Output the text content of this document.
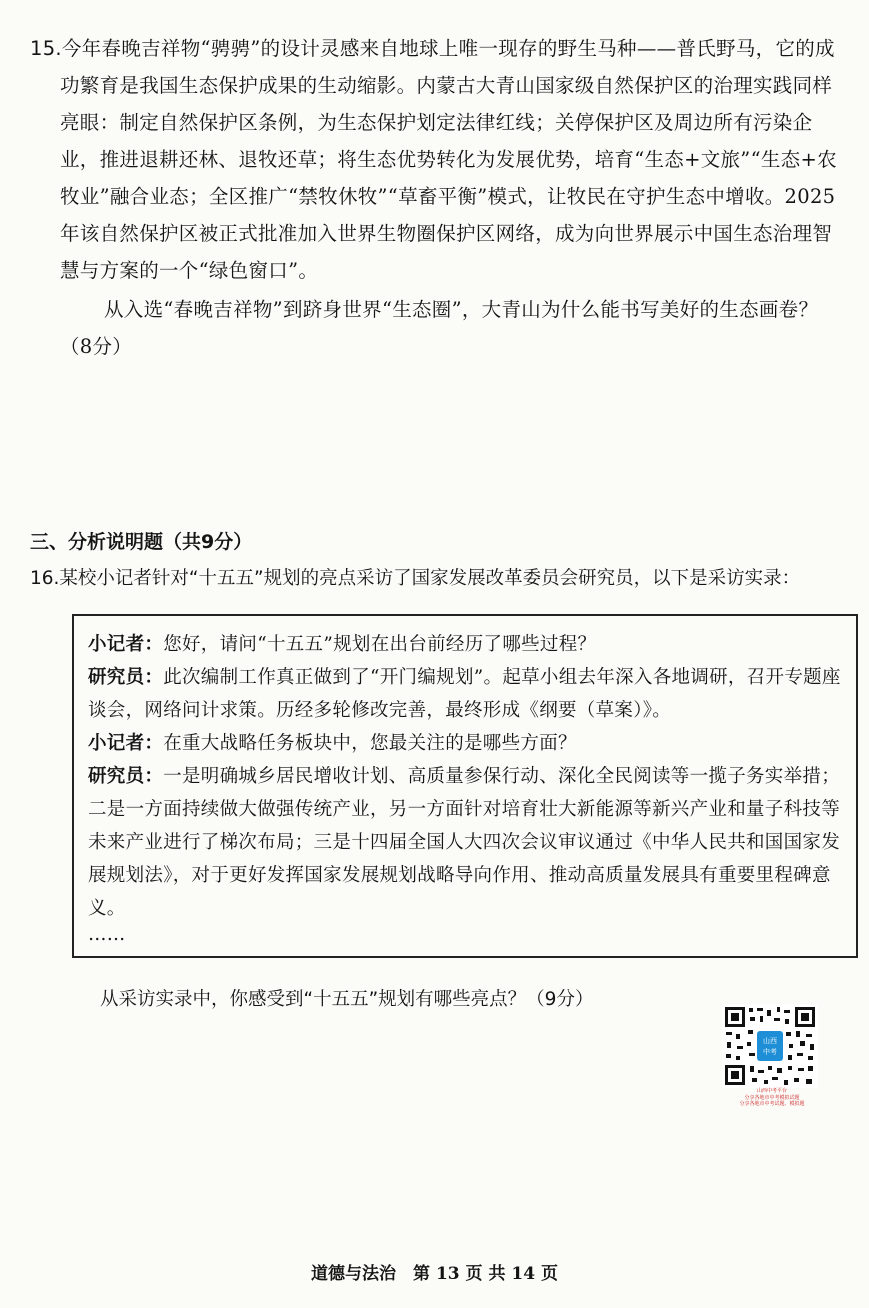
15.今年春晚吉祥物“骋骋”的设计灵感来自地球上唯一现存的野生马种——普氏野马，它的成功繁育是我国生态保护成果的生动缩影。内蒙古大青山国家级自然保护区的治理实践同样亮眼：制定自然保护区条例，为生态保护划定法律红线；关停保护区及周边所有污染企业，推进退耕还林、退牧还草；将生态优势转化为发展优势，培育“生态+文旅”“生态+农牧业”融合业态；全区推广“禁牧休牧”“草畜平衡”模式，让牧民在守护生态中增收。2025年该自然保护区被正式批准加入世界生物圈保护区网络，成为向世界展示中国生态治理智慧与方案的一个“绿色窗口”。

从入选“春晚吉祥物”到跻身世界“生态圈”，大青山为什么能书写美好的生态画卷？（8分）

三、分析说明题（共9分）
16.某校小记者针对“十五五”规划的亮点采访了国家发展改革委员会研究员，以下是采访实录：

小记者：您好，请问“十五五”规划在出台前经历了哪些过程？

研究员：此次编制工作真正做到了“开门编规划”。起草小组去年深入各地调研，召开专题座谈会，网络问计求策。历经多轮修改完善，最终形成《纲要（草案）》。

小记者：在重大战略任务板块中，您最关注的是哪些方面？

研究员：一是明确城乡居民增收计划、高质量参保行动、深化全民阅读等一揽子务实举措；二是一方面持续做大做强传统产业，另一方面针对培育壮大新能源等新兴产业和量子科技等未来产业进行了梯次布局；三是十四届全国人大四次会议审议通过《中华人民共和国国家发展规划法》，对于更好发挥国家发展规划战略导向作用、推动高质量发展具有重要里程碑意义。

……

从采访实录中，你感受到“十五五”规划有哪些亮点？（9分）
山西
中考
山西中考平台
分享各地市中考模拟试题
分享各地市中考试题、模拟题
道德与法治　第 13 页 共 14 页
